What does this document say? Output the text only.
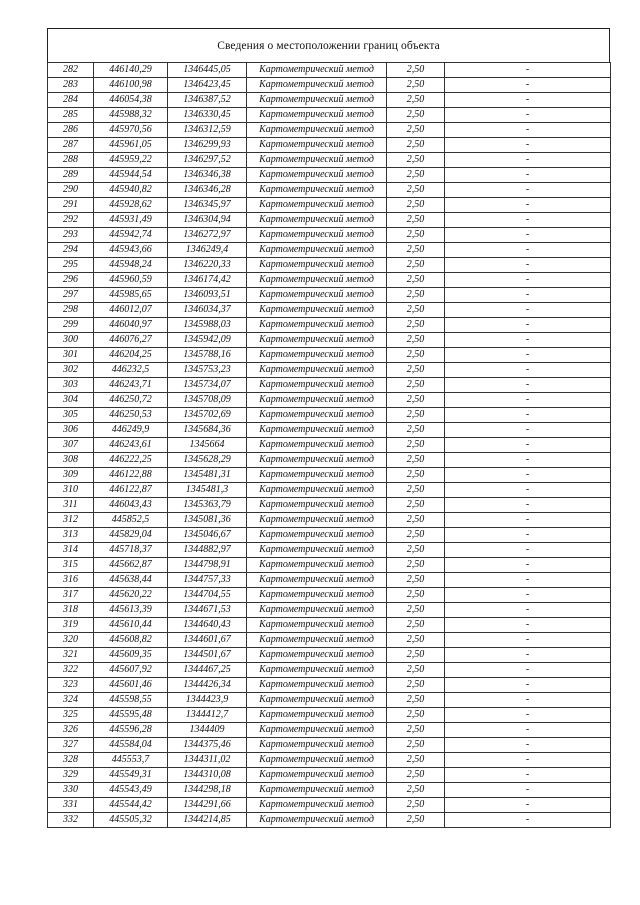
Сведения о местоположении границ объекта
282	446140,29	1346445,05	Картометрический метод	2,50	-
283	446100,98	1346423,45	Картометрический метод	2,50	-
284	446054,38	1346387,52	Картометрический метод	2,50	-
285	445988,32	1346330,45	Картометрический метод	2,50	-
286	445970,56	1346312,59	Картометрический метод	2,50	-
287	445961,05	1346299,93	Картометрический метод	2,50	-
288	445959,22	1346297,52	Картометрический метод	2,50	-
289	445944,54	1346346,38	Картометрический метод	2,50	-
290	445940,82	1346346,28	Картометрический метод	2,50	-
291	445928,62	1346345,97	Картометрический метод	2,50	-
292	445931,49	1346304,94	Картометрический метод	2,50	-
293	445942,74	1346272,97	Картометрический метод	2,50	-
294	445943,66	1346249,4	Картометрический метод	2,50	-
295	445948,24	1346220,33	Картометрический метод	2,50	-
296	445960,59	1346174,42	Картометрический метод	2,50	-
297	445985,65	1346093,51	Картометрический метод	2,50	-
298	446012,07	1346034,37	Картометрический метод	2,50	-
299	446040,97	1345988,03	Картометрический метод	2,50	-
300	446076,27	1345942,09	Картометрический метод	2,50	-
301	446204,25	1345788,16	Картометрический метод	2,50	-
302	446232,5	1345753,23	Картометрический метод	2,50	-
303	446243,71	1345734,07	Картометрический метод	2,50	-
304	446250,72	1345708,09	Картометрический метод	2,50	-
305	446250,53	1345702,69	Картометрический метод	2,50	-
306	446249,9	1345684,36	Картометрический метод	2,50	-
307	446243,61	1345664	Картометрический метод	2,50	-
308	446222,25	1345628,29	Картометрический метод	2,50	-
309	446122,88	1345481,31	Картометрический метод	2,50	-
310	446122,87	1345481,3	Картометрический метод	2,50	-
311	446043,43	1345363,79	Картометрический метод	2,50	-
312	445852,5	1345081,36	Картометрический метод	2,50	-
313	445829,04	1345046,67	Картометрический метод	2,50	-
314	445718,37	1344882,97	Картометрический метод	2,50	-
315	445662,87	1344798,91	Картометрический метод	2,50	-
316	445638,44	1344757,33	Картометрический метод	2,50	-
317	445620,22	1344704,55	Картометрический метод	2,50	-
318	445613,39	1344671,53	Картометрический метод	2,50	-
319	445610,44	1344640,43	Картометрический метод	2,50	-
320	445608,82	1344601,67	Картометрический метод	2,50	-
321	445609,35	1344501,67	Картометрический метод	2,50	-
322	445607,92	1344467,25	Картометрический метод	2,50	-
323	445601,46	1344426,34	Картометрический метод	2,50	-
324	445598,55	1344423,9	Картометрический метод	2,50	-
325	445595,48	1344412,7	Картометрический метод	2,50	-
326	445596,28	1344409	Картометрический метод	2,50	-
327	445584,04	1344375,46	Картометрический метод	2,50	-
328	445553,7	1344311,02	Картометрический метод	2,50	-
329	445549,31	1344310,08	Картометрический метод	2,50	-
330	445543,49	1344298,18	Картометрический метод	2,50	-
331	445544,42	1344291,66	Картометрический метод	2,50	-
332	445505,32	1344214,85	Картометрический метод	2,50	-
